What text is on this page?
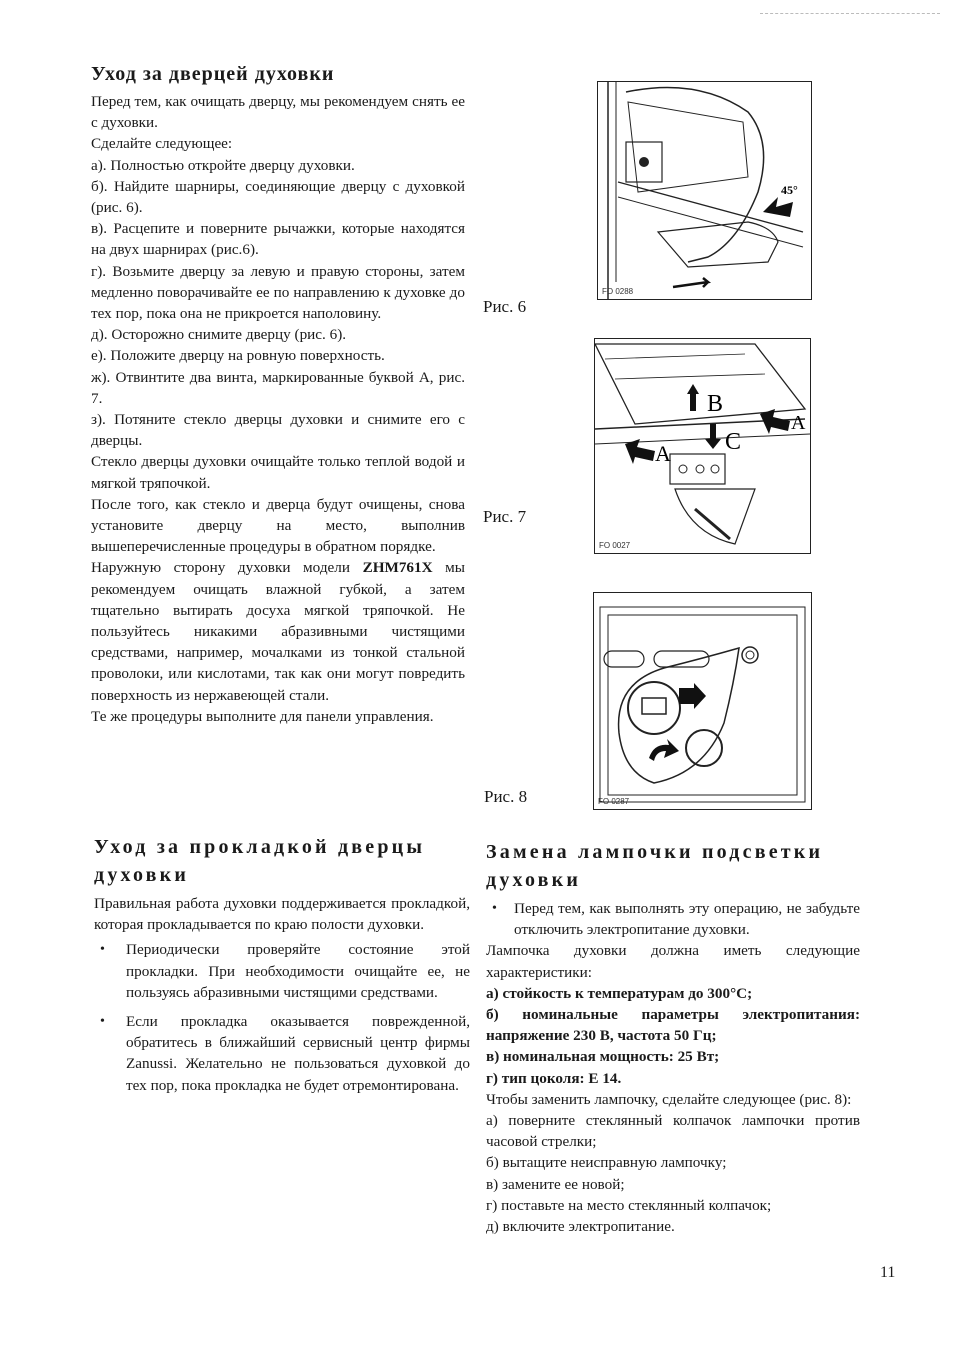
Уход за дверцей духовки

Перед тем, как очищать дверцу, мы рекомендуем снять ее с духовки.

Сделайте следующее:

а). Полностью откройте дверцу духовки.

б). Найдите шарниры, соединяющие дверцу с духовкой (рис. 6).

в). Расцепите и поверните рычажки, которые находятся на двух шарнирах (рис.6).

г). Возьмите дверцу за левую и правую стороны, затем медленно поворачивайте ее по направлению к духовке до тех пор, пока она не прикроется наполовину.

д). Осторожно снимите дверцу (рис. 6).

е). Положите дверцу на ровную поверхность.

ж). Отвинтите два винта, маркированные буквой А, рис. 7.

з). Потяните стекло дверцы духовки и снимите его с дверцы.

Стекло дверцы духовки очищайте только теплой водой и мягкой тряпочкой.

После того, как стекло и дверца будут очищены, снова установите дверцу на место, выполнив вышеперечисленные процедуры в обратном порядке.

Наружную сторону духовки модели ZHM761X мы рекомендуем очищать влажной губкой, а затем тщательно вытирать досуха мягкой тряпочкой. Не пользуйтесь никакими абразивными чистящими средствами, например, мочалками из тонкой стальной проволоки, или кислотами, так как они могут повредить поверхность из нержавеющей стали.

Те же процедуры выполните для панели управления.

Уход за прокладкой дверцы духовки

Правильная работа духовки поддерживается прокладкой, которая прокладывается по краю полости духовки.

• Периодически проверяйте состояние этой прокладки. При необходимости очищайте ее, не пользуясь абразивными чистящими средствами.
• Если прокладка оказывается поврежденной, обратитесь в ближайший сервисный центр фирмы Zanussi. Желательно не пользоваться духовкой до тех пор, пока прокладка не будет отремонтирована.
Замена лампочки подсветки духовки
• Перед тем, как выполнять эту операцию, не забудьте отключить электропитание духовки.

Лампочка духовки должна иметь следующие характеристики:

а) стойкость к температурам до 300°С;

б) номинальные параметры электропитания: напряжение 230 В, частота 50 Гц;

в) номинальная мощность: 25 Вт;

г) тип цоколя: Е 14.

Чтобы заменить лампочку, сделайте следующее (рис. 8):

а) поверните стеклянный колпачок лампочки против часовой стрелки;

б) вытащите неисправную лампочку;

в) замените ее новой;

г) поставьте на место стеклянный колпачок;

д) включите электропитание.

45°
FO 0288
Рис. 6
B
C
A
A
FO 0027
Рис. 7
FO 0287
Рис. 8
11
